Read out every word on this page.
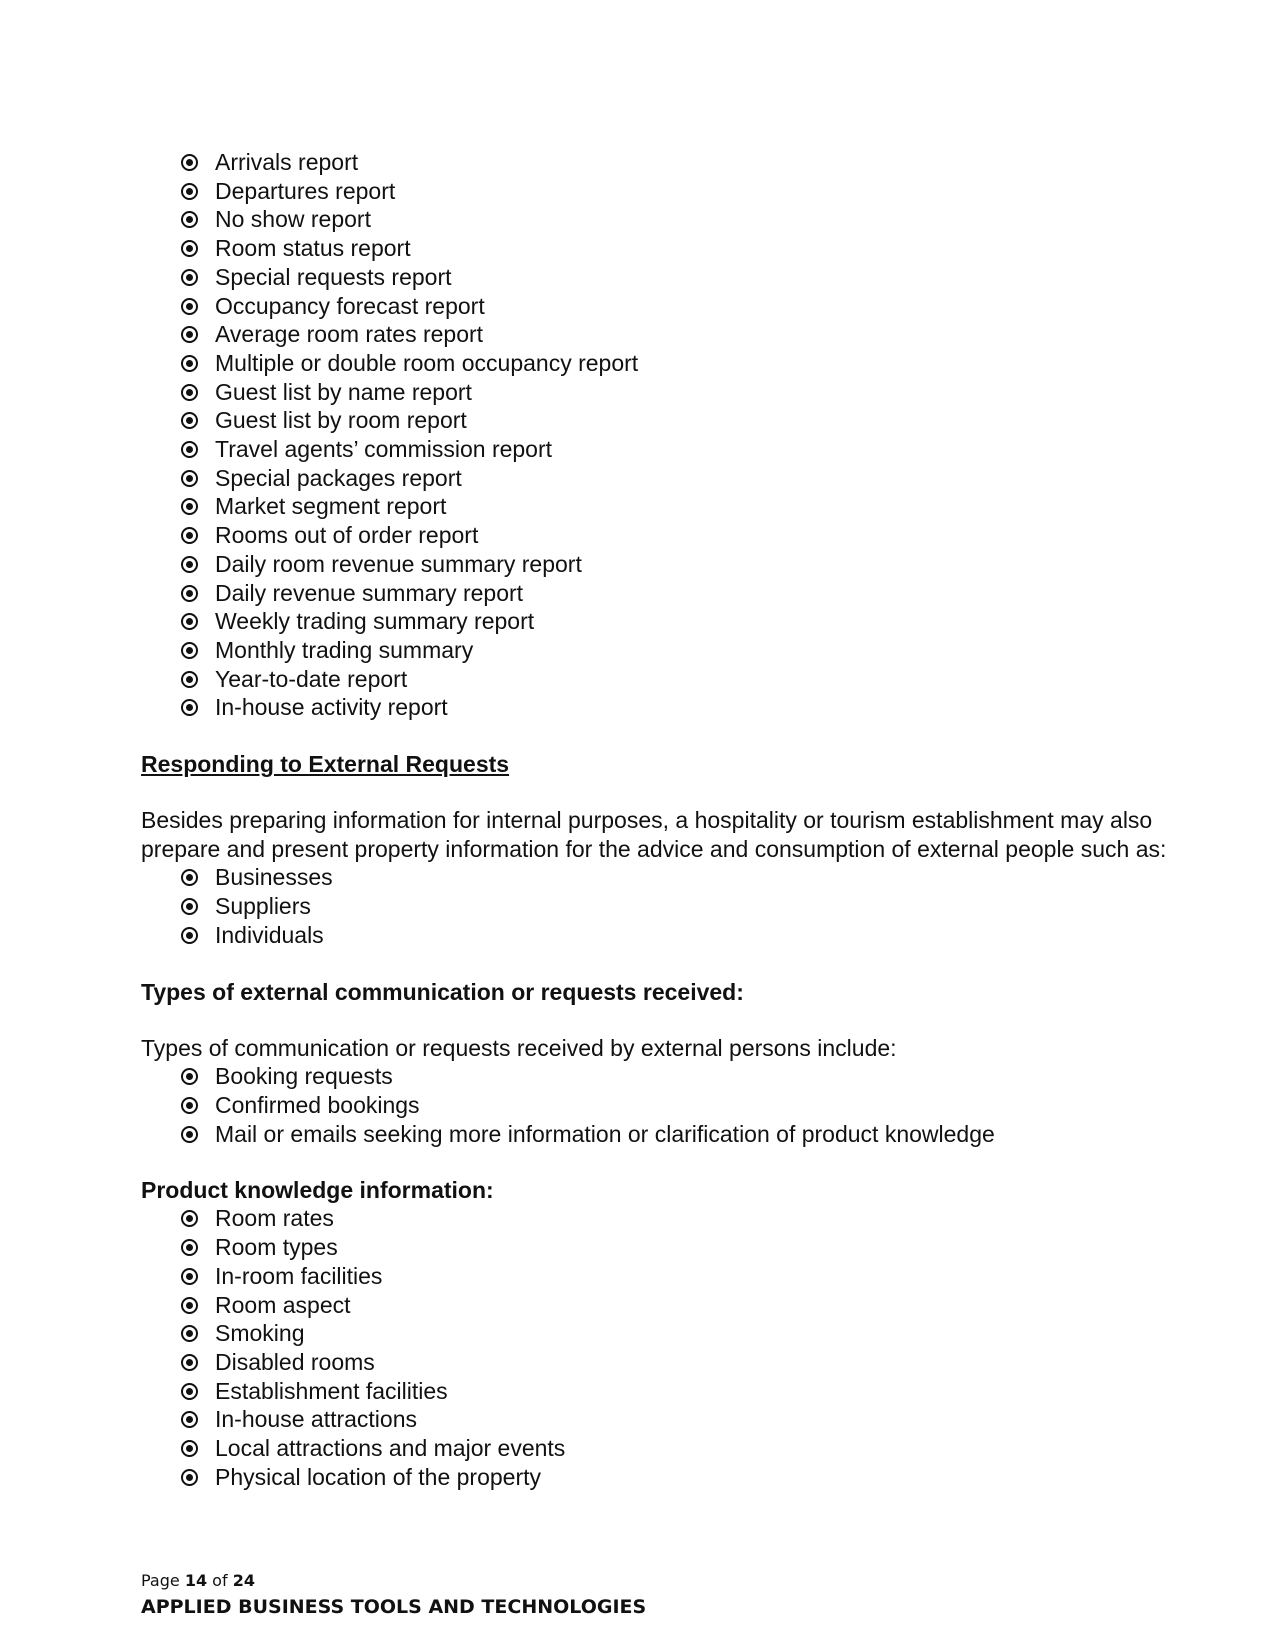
Arrivals report
Departures report
No show report
Room status report
Special requests report
Occupancy forecast report
Average room rates report
Multiple or double room occupancy report
Guest list by name report
Guest list by room report
Travel agents’ commission report
Special packages report
Market segment report
Rooms out of order report
Daily room revenue summary report
Daily revenue summary report
Weekly trading summary report
Monthly trading summary
Year-to-date report
In-house activity report
Responding to External Requests
Besides preparing information for internal purposes, a hospitality or tourism establishment may also prepare and present property information for the advice and consumption of external people such as:
Businesses
Suppliers
Individuals
Types of external communication or requests received:
Types of communication or requests received by external persons include:
Booking requests
Confirmed bookings
Mail or emails seeking more information or clarification of product knowledge
Product knowledge information:
Room rates
Room types
In-room facilities
Room aspect
Smoking
Disabled rooms
Establishment facilities
In-house attractions
Local attractions and major events
Physical location of the property
Page 14 of 24
APPLIED BUSINESS TOOLS AND TECHNOLOGIES
